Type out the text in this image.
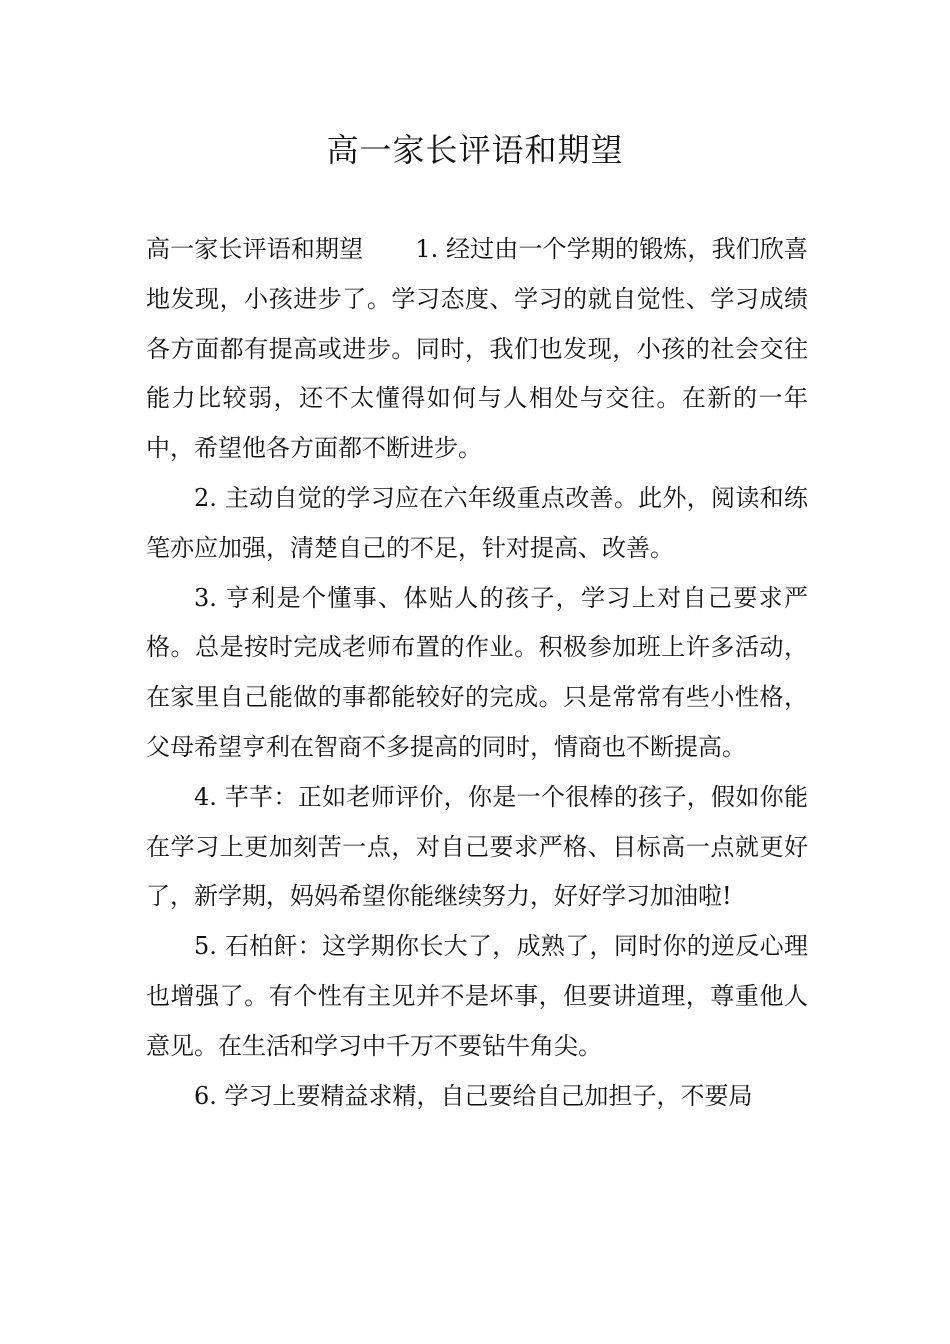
高一家长评语和期望

高一家长评语和期望 1. 经过由一个学期的锻炼，我们欣喜地发现，小孩进步了。学习态度、学习的就自觉性、学习成绩各方面都有提高或进步。同时，我们也发现，小孩的社会交往能力比较弱，还不太懂得如何与人相处与交往。在新的一年中，希望他各方面都不断进步。

2. 主动自觉的学习应在六年级重点改善。此外，阅读和练笔亦应加强，清楚自己的不足，针对提高、改善。

3. 亨利是个懂事、体贴人的孩子，学习上对自己要求严格。总是按时完成老师布置的作业。积极参加班上许多活动，在家里自己能做的事都能较好的完成。只是常常有些小性格，父母希望亨利在智商不多提高的同时，情商也不断提高。

4. 芊芊：正如老师评价，你是一个很棒的孩子，假如你能在学习上更加刻苦一点，对自己要求严格、目标高一点就更好了，新学期，妈妈希望你能继续努力，好好学习加油啦!

5. 石柏飦：这学期你长大了，成熟了，同时你的逆反心理也增强了。有个性有主见并不是坏事，但要讲道理，尊重他人意见。在生活和学习中千万不要钻牛角尖。

6. 学习上要精益求精，自己要给自己加担子，不要局
